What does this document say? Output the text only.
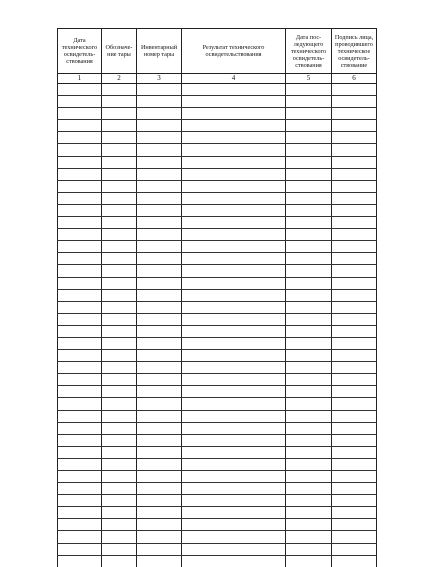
Дата технического освидетель-ствования	Обозначе-ние тары	Инвентарный номер тары	Результат технического освидетельствования	Дата пос-ледующего технического освидетель-ствования	Подпись лица, проводившего техническое освидетель-ствование

1	2	3	4	5	6
